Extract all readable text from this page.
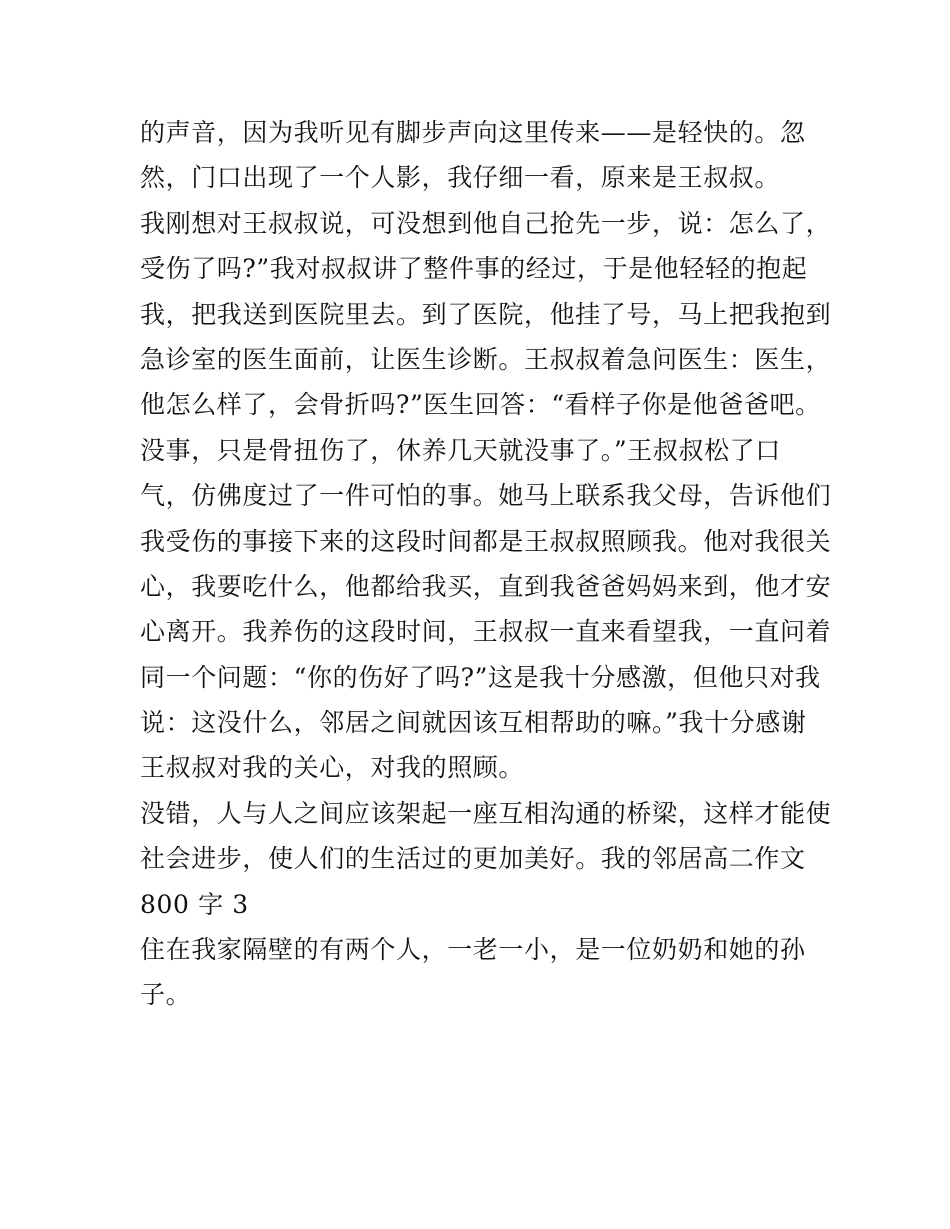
的声音，因为我听见有脚步声向这里传来——是轻快的。忽
然，门口出现了一个人影，我仔细一看，原来是王叔叔。
我刚想对王叔叔说，可没想到他自己抢先一步，说：怎么了，
受伤了吗?”我对叔叔讲了整件事的经过，于是他轻轻的抱起
我，把我送到医院里去。到了医院，他挂了号，马上把我抱到
急诊室的医生面前，让医生诊断。王叔叔着急问医生：医生，
他怎么样了，会骨折吗?”医生回答：“看样子你是他爸爸吧。
没事，只是骨扭伤了，休养几天就没事了。”王叔叔松了口
气，仿佛度过了一件可怕的事。她马上联系我父母，告诉他们
我受伤的事接下来的这段时间都是王叔叔照顾我。他对我很关
心，我要吃什么，他都给我买，直到我爸爸妈妈来到，他才安
心离开。我养伤的这段时间，王叔叔一直来看望我，一直问着
同一个问题：“你的伤好了吗?”这是我十分感激，但他只对我
说：这没什么，邻居之间就因该互相帮助的嘛。”我十分感谢
王叔叔对我的关心，对我的照顾。
没错，人与人之间应该架起一座互相沟通的桥梁，这样才能使
社会进步，使人们的生活过的更加美好。我的邻居高二作文
800 字 3
住在我家隔壁的有两个人，一老一小，是一位奶奶和她的孙
子。
